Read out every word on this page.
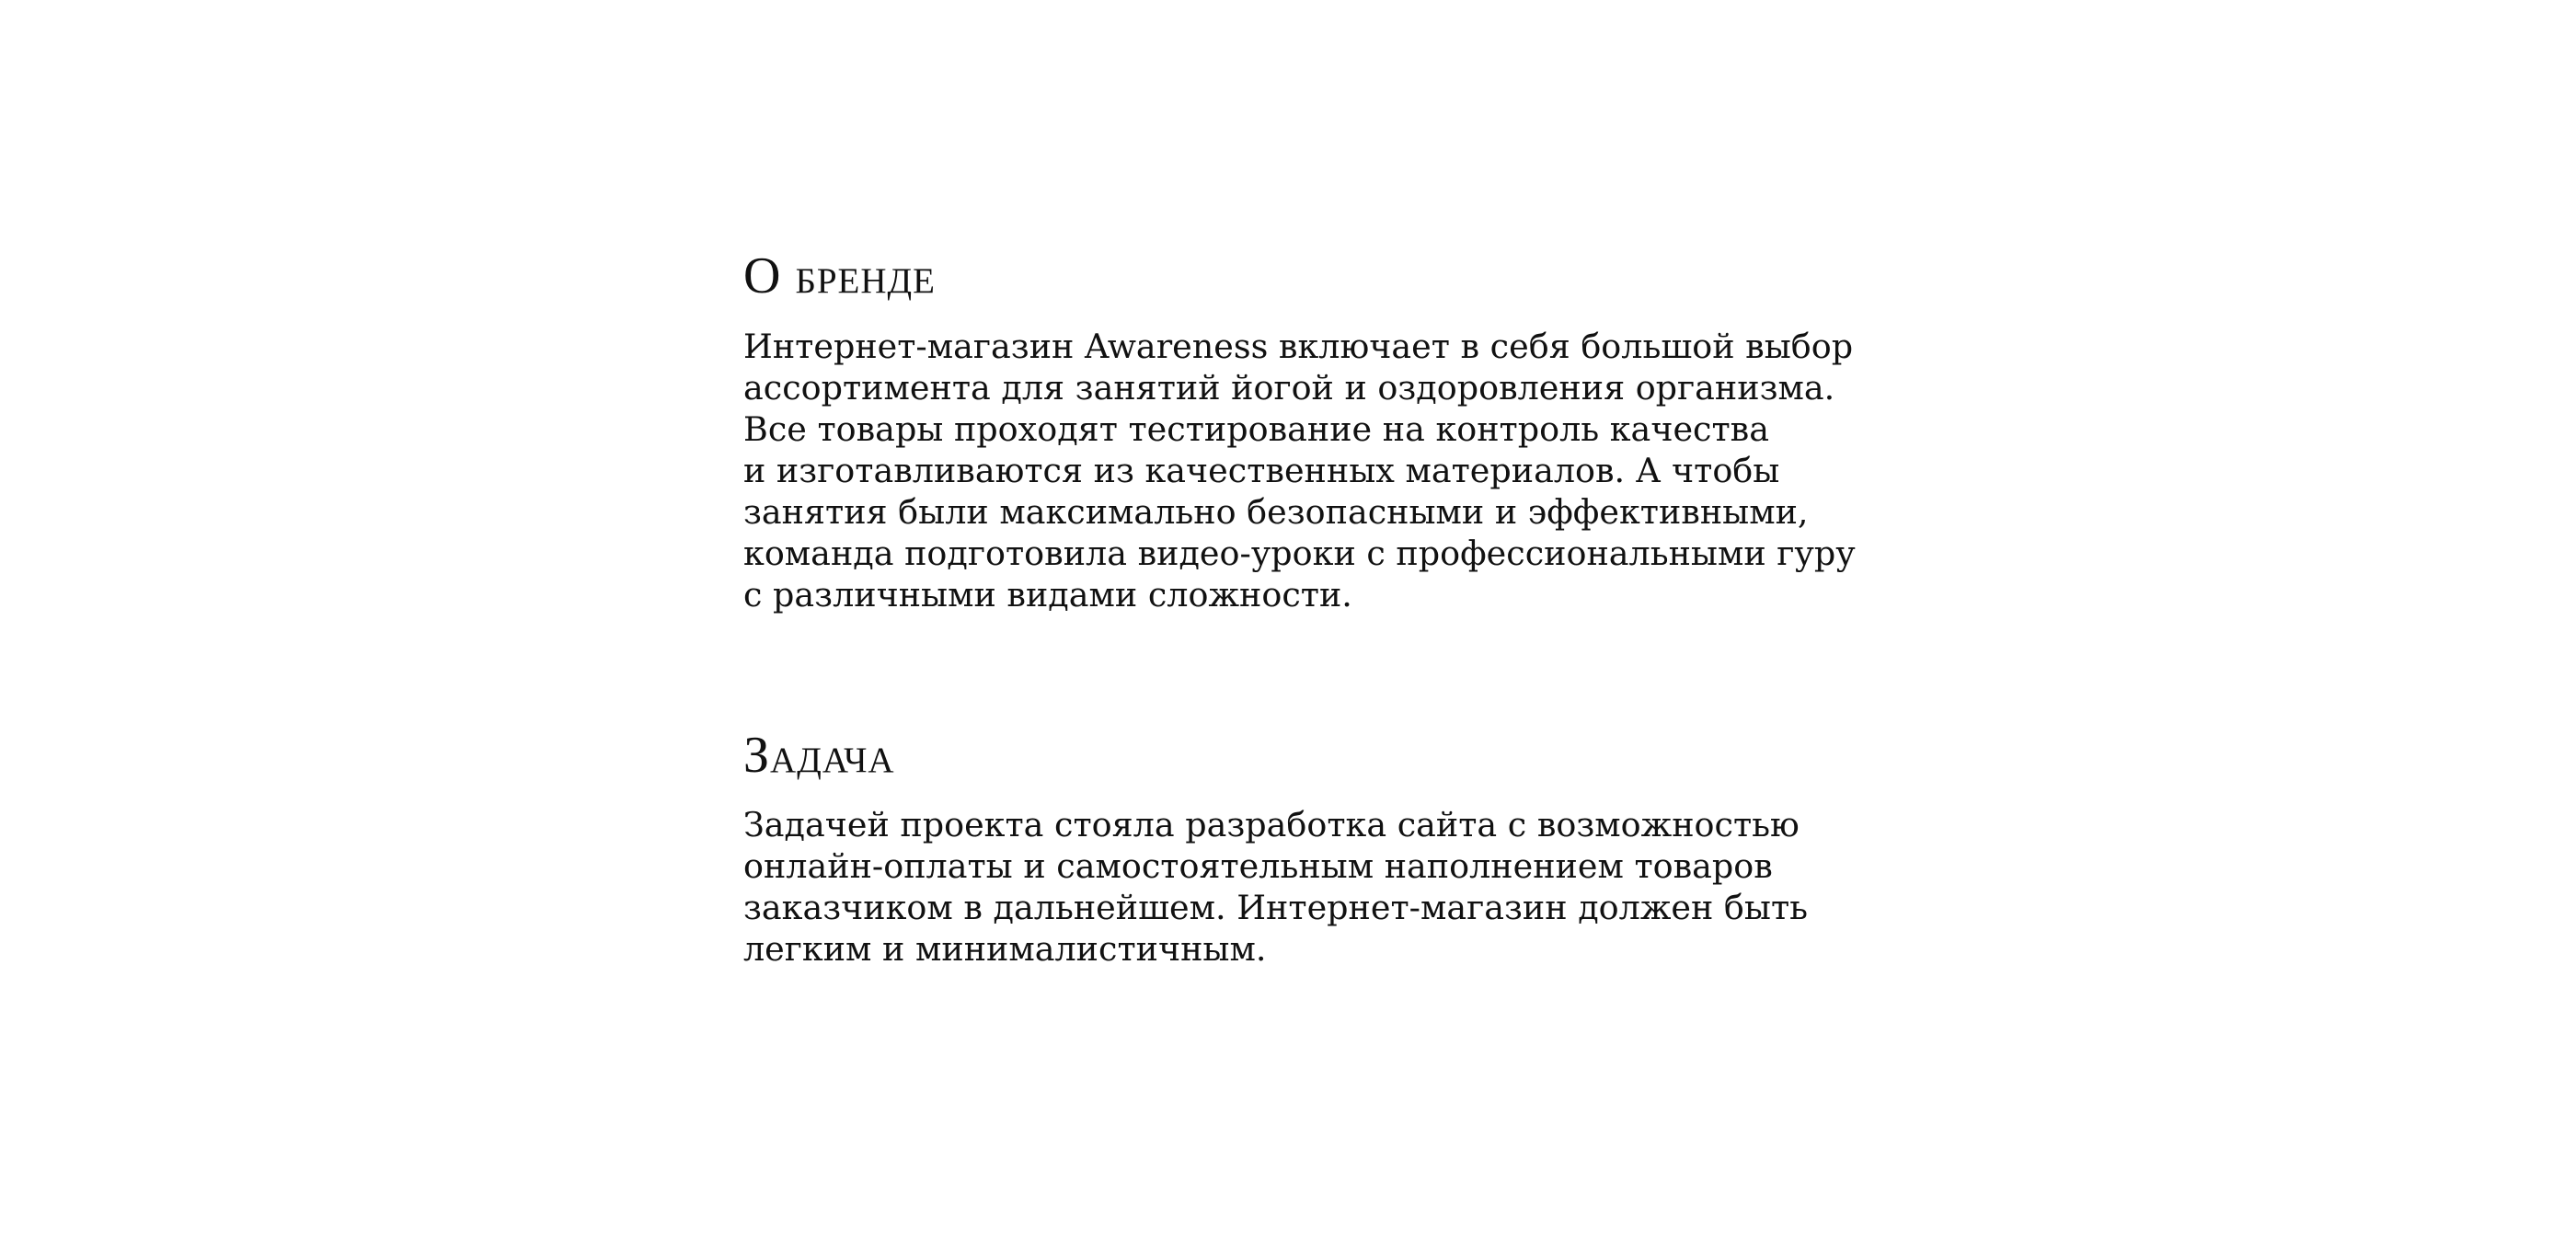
О бренде

Интернет-магазин Awareness включает в себя большой выбор
ассортимента для занятий йогой и оздоровления организма.
Все товары проходят тестирование на контроль качества
и изготавливаются из качественных материалов. А чтобы
занятия были максимально безопасными и эффективными,
команда подготовила видео-уроки с профессиональными гуру
с различными видами сложности.

Задача

Задачей проекта стояла разработка сайта с возможностью
онлайн-оплаты и самостоятельным наполнением товаров
заказчиком в дальнейшем. Интернет-магазин должен быть
легким и минималистичным.
